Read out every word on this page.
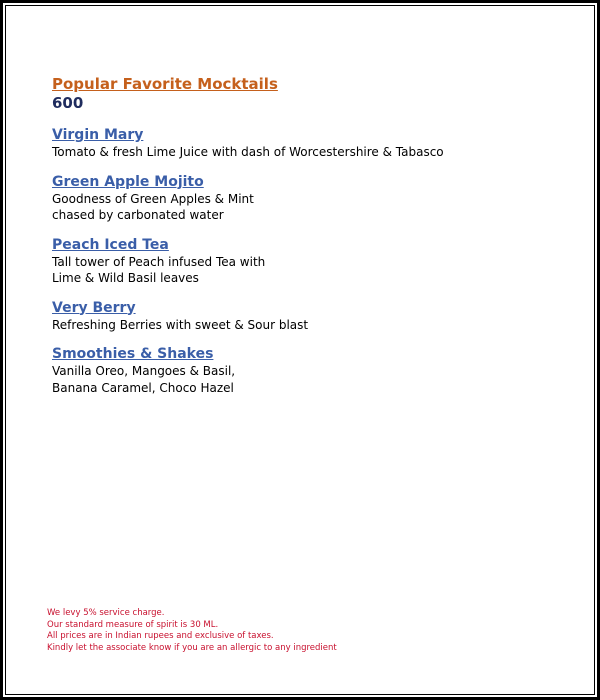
Popular Favorite Mocktails
600
Virgin Mary
Tomato & fresh Lime Juice with dash of Worcestershire & Tabasco
Green Apple Mojito
Goodness of Green Apples & Mint
chased by carbonated water
Peach Iced Tea
Tall tower of Peach infused Tea with
Lime & Wild Basil leaves
Very Berry
Refreshing Berries with sweet & Sour blast
Smoothies & Shakes
Vanilla Oreo, Mangoes & Basil,
Banana Caramel, Choco Hazel
We levy 5% service charge.
Our standard measure of spirit is 30 ML.
All prices are in Indian rupees and exclusive of taxes.
Kindly let the associate know if you are an allergic to any ingredient
